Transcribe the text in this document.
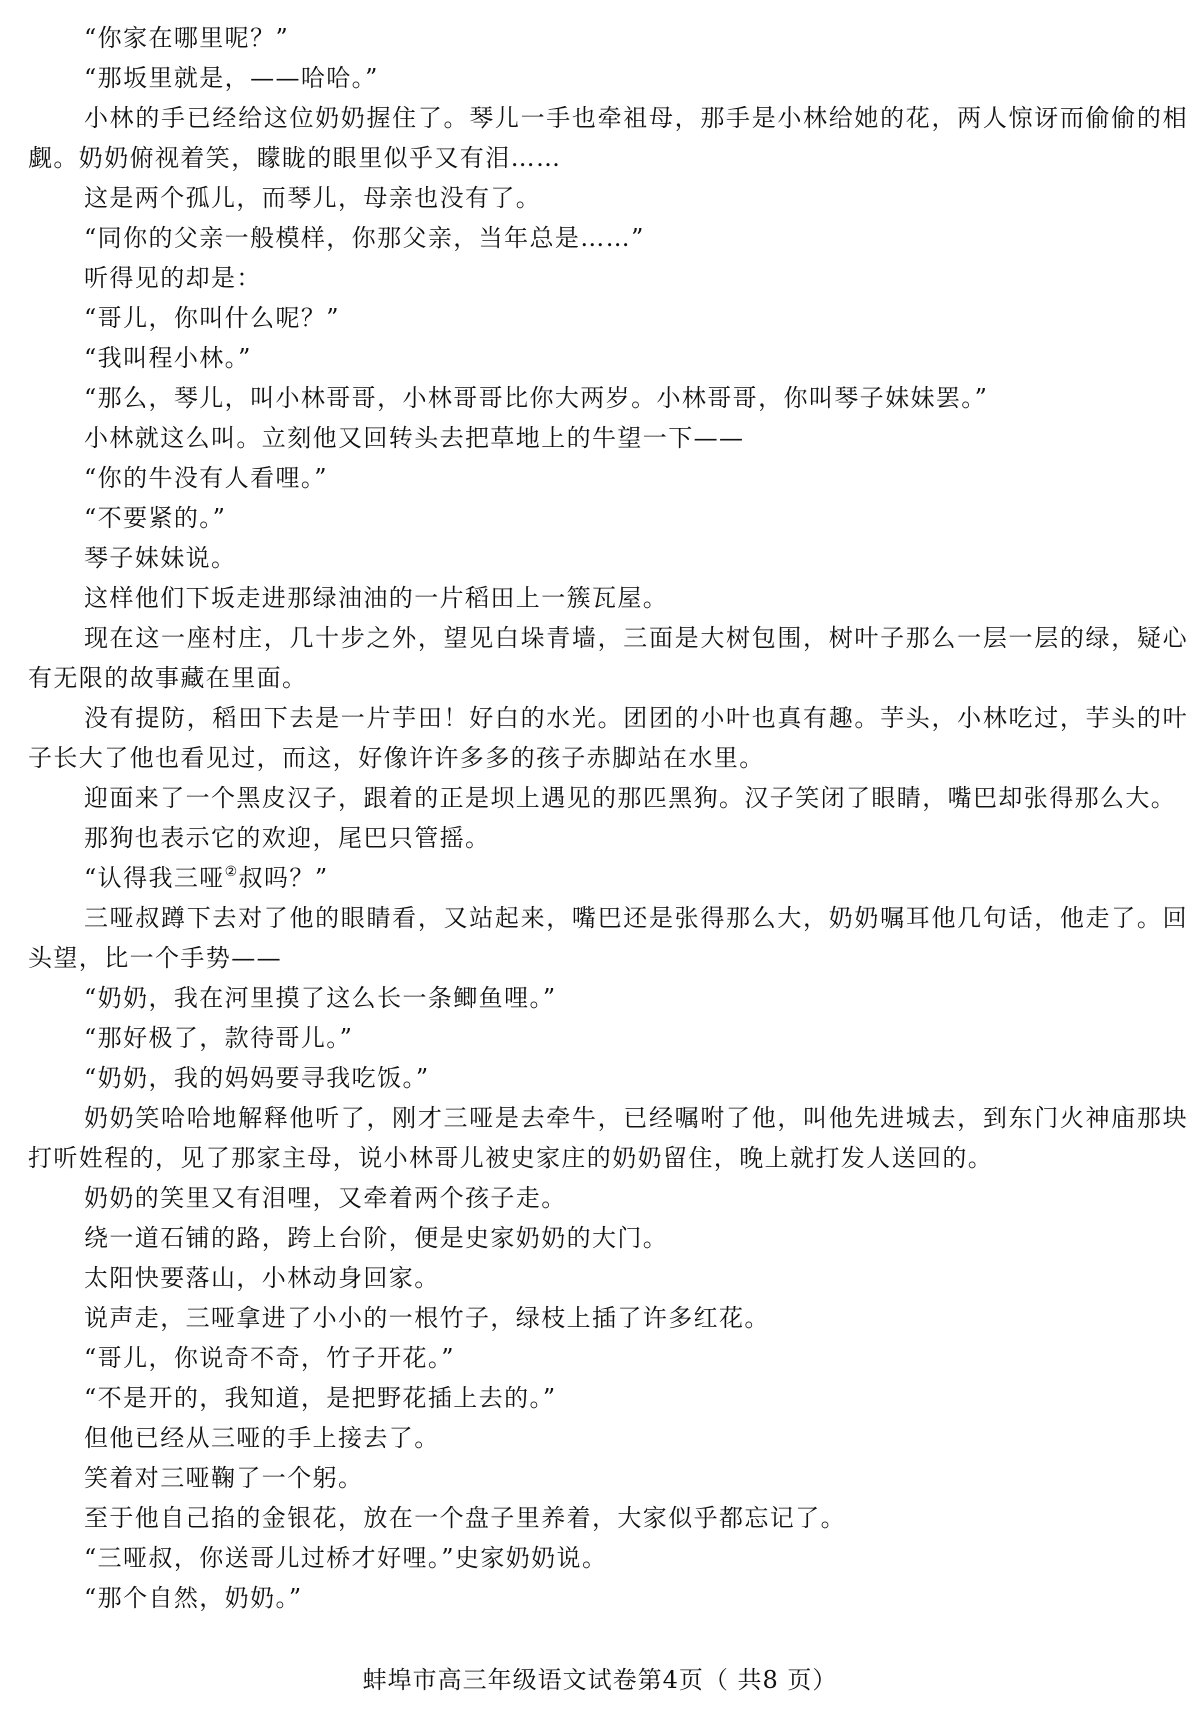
“你家在哪里呢？”

“那坂里就是，——哈哈。”

小林的手已经给这位奶奶握住了。琴儿一手也牵祖母，那手是小林给她的花，两人惊讶而偷偷的相觑。奶奶俯视着笑，矇眬的眼里似乎又有泪……

这是两个孤儿，而琴儿，母亲也没有了。

“同你的父亲一般模样，你那父亲，当年总是……”

听得见的却是：

“哥儿，你叫什么呢？”

“我叫程小林。”

“那么，琴儿，叫小林哥哥，小林哥哥比你大两岁。小林哥哥，你叫琴子妹妹罢。”

小林就这么叫。立刻他又回转头去把草地上的牛望一下——

“你的牛没有人看哩。”

“不要紧的。”

琴子妹妹说。

这样他们下坂走进那绿油油的一片稻田上一簇瓦屋。

现在这一座村庄，几十步之外，望见白垛青墙，三面是大树包围，树叶子那么一层一层的绿，疑心有无限的故事藏在里面。

没有提防，稻田下去是一片芋田！好白的水光。团团的小叶也真有趣。芋头，小林吃过，芋头的叶子长大了他也看见过，而这，好像许许多多的孩子赤脚站在水里。

迎面来了一个黑皮汉子，跟着的正是坝上遇见的那匹黑狗。汉子笑闭了眼睛，嘴巴却张得那么大。

那狗也表示它的欢迎，尾巴只管摇。

“认得我三哑②叔吗？”

三哑叔蹲下去对了他的眼睛看，又站起来，嘴巴还是张得那么大，奶奶嘱耳他几句话，他走了。回头望，比一个手势——

“奶奶，我在河里摸了这么长一条鲫鱼哩。”

“那好极了，款待哥儿。”

“奶奶，我的妈妈要寻我吃饭。”

奶奶笑哈哈地解释他听了，刚才三哑是去牵牛，已经嘱咐了他，叫他先进城去，到东门火神庙那块打听姓程的，见了那家主母，说小林哥儿被史家庄的奶奶留住，晚上就打发人送回的。

奶奶的笑里又有泪哩，又牵着两个孩子走。

绕一道石铺的路，跨上台阶，便是史家奶奶的大门。

太阳快要落山，小林动身回家。

说声走，三哑拿进了小小的一根竹子，绿枝上插了许多红花。

“哥儿，你说奇不奇，竹子开花。”

“不是开的，我知道，是把野花插上去的。”

但他已经从三哑的手上接去了。

笑着对三哑鞠了一个躬。

至于他自己掐的金银花，放在一个盘子里养着，大家似乎都忘记了。

“三哑叔，你送哥儿过桥才好哩。”史家奶奶说。

“那个自然，奶奶。”

蚌埠市高三年级语文试卷第4页（ 共8 页）
